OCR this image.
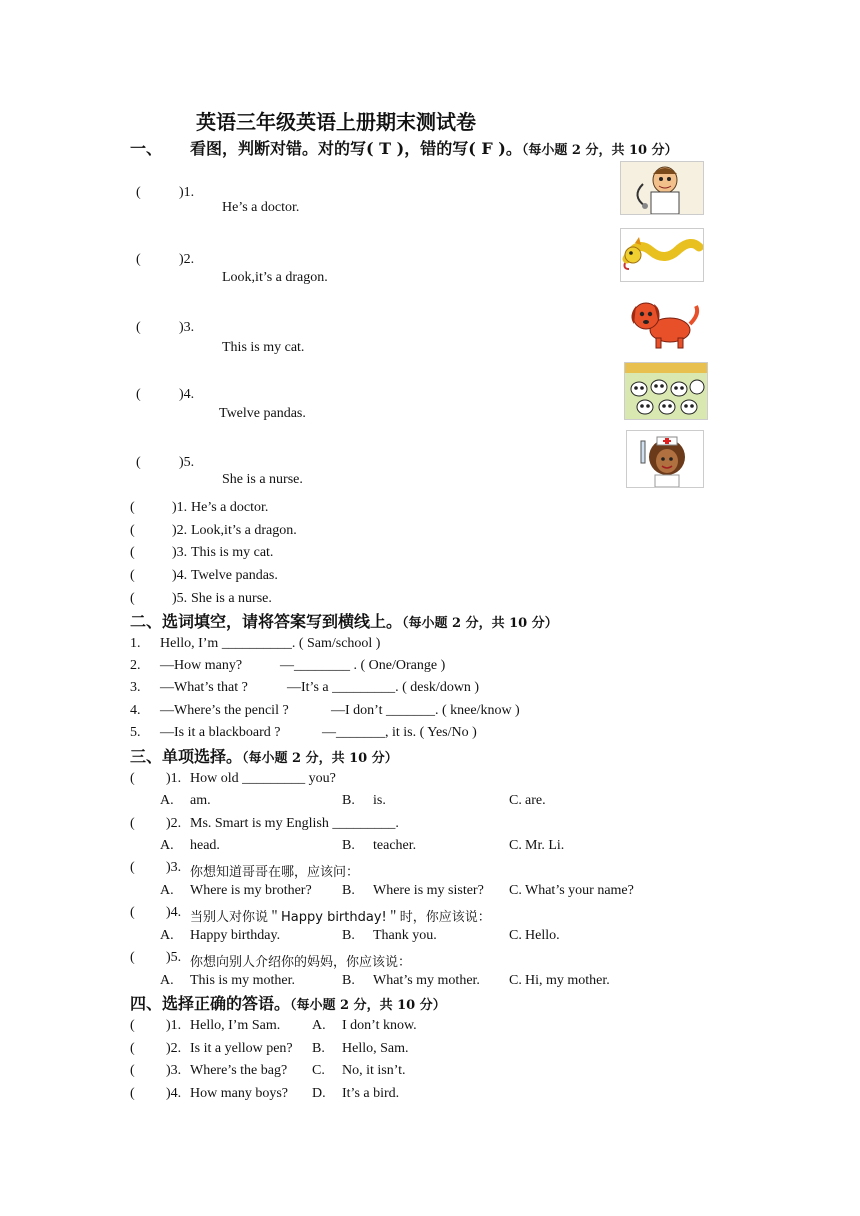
英语三年级英语上册期末测试卷
一、 看图，判断对错。对的写( T )，错的写( F )。（每小题 2 分，共 10 分）
(	)1.
He’s a doctor.
(	)2.
Look,it’s a dragon.
(	)3.
This is my cat.
(	)4.
Twelve pandas.
(	)5.
She is a nurse.
(	)1. He’s a doctor.
(	)2. Look,it’s a dragon.
(	)3. This is my cat.
(	)4. Twelve pandas.
(	)5. She is a nurse.
二、选词填空，请将答案写到横线上。（每小题 2 分，共 10 分）
1. Hello, I’m __________. ( Sam/school )
2. —How many?	—________ . ( One/Orange )
3. —What’s that ?	—It’s a _________. ( desk/down )
4. —Where’s the pencil ?	—I don’t _______. ( knee/know )
5. —Is it a blackboard ?	—_______, it is. ( Yes/No )
三、单项选择。（每小题 2 分，共 10 分）
( )1. How old _________ you?
A. am.	B. is.	C. are.
( )2. Ms. Smart is my English _________.
A. head.	B. teacher.	C. Mr. Li.
( )3. 你想知道哥哥在哪，应该问：
A. Where is my brother? B. Where is my sister? C. What’s your name?
( )4. 当别人对你说＂Happy birthday!＂时，你应该说：
A. Happy birthday.	B. Thank you.	C. Hello.
( )5. 你想向别人介绍你的妈妈，你应该说：
A. This is my mother.	B. What’s my mother. C. Hi, my mother.
四、选择正确的答语。（每小题 2 分，共 10 分）
( )1. Hello, I’m Sam. A. I don’t know.
( )2. Is it a yellow pen? B. Hello, Sam.
( )3. Where’s the bag? C. No, it isn’t.
( )4. How many boys? D. It’s a bird.
